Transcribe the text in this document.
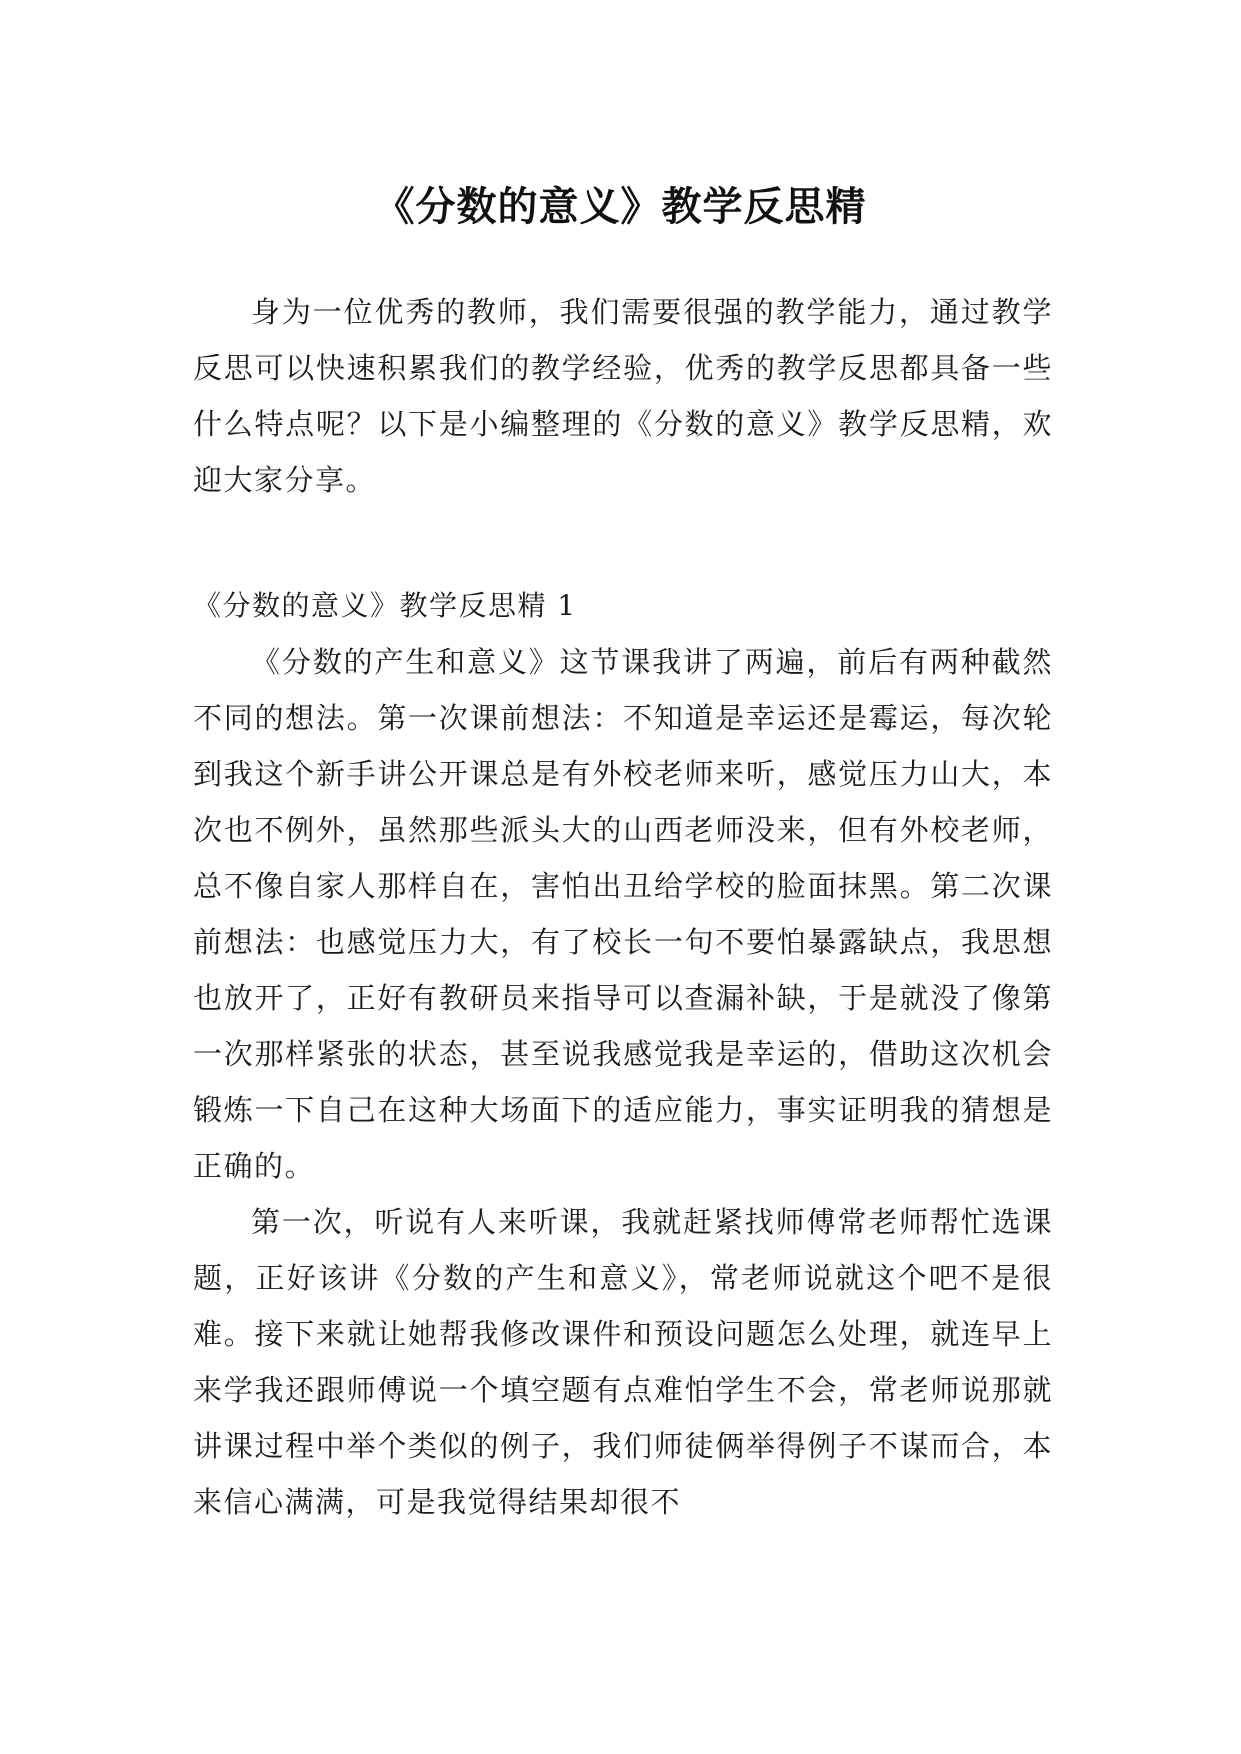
《分数的意义》教学反思精

身为一位优秀的教师，我们需要很强的教学能力，通过教学反思可以快速积累我们的教学经验，优秀的教学反思都具备一些什么特点呢？以下是小编整理的《分数的意义》教学反思精，欢迎大家分享。

《分数的意义》教学反思精 1

《分数的产生和意义》这节课我讲了两遍，前后有两种截然不同的想法。第一次课前想法：不知道是幸运还是霉运，每次轮到我这个新手讲公开课总是有外校老师来听，感觉压力山大，本次也不例外，虽然那些派头大的山西老师没来，但有外校老师，总不像自家人那样自在，害怕出丑给学校的脸面抹黑。第二次课前想法：也感觉压力大，有了校长一句不要怕暴露缺点，我思想也放开了，正好有教研员来指导可以查漏补缺，于是就没了像第一次那样紧张的状态，甚至说我感觉我是幸运的，借助这次机会锻炼一下自己在这种大场面下的适应能力，事实证明我的猜想是正确的。

第一次，听说有人来听课，我就赶紧找师傅常老师帮忙选课题，正好该讲《分数的产生和意义》，常老师说就这个吧不是很难。接下来就让她帮我修改课件和预设问题怎么处理，就连早上来学我还跟师傅说一个填空题有点难怕学生不会，常老师说那就讲课过程中举个类似的例子，我们师徒俩举得例子不谋而合，本来信心满满，可是我觉得结果却很不
